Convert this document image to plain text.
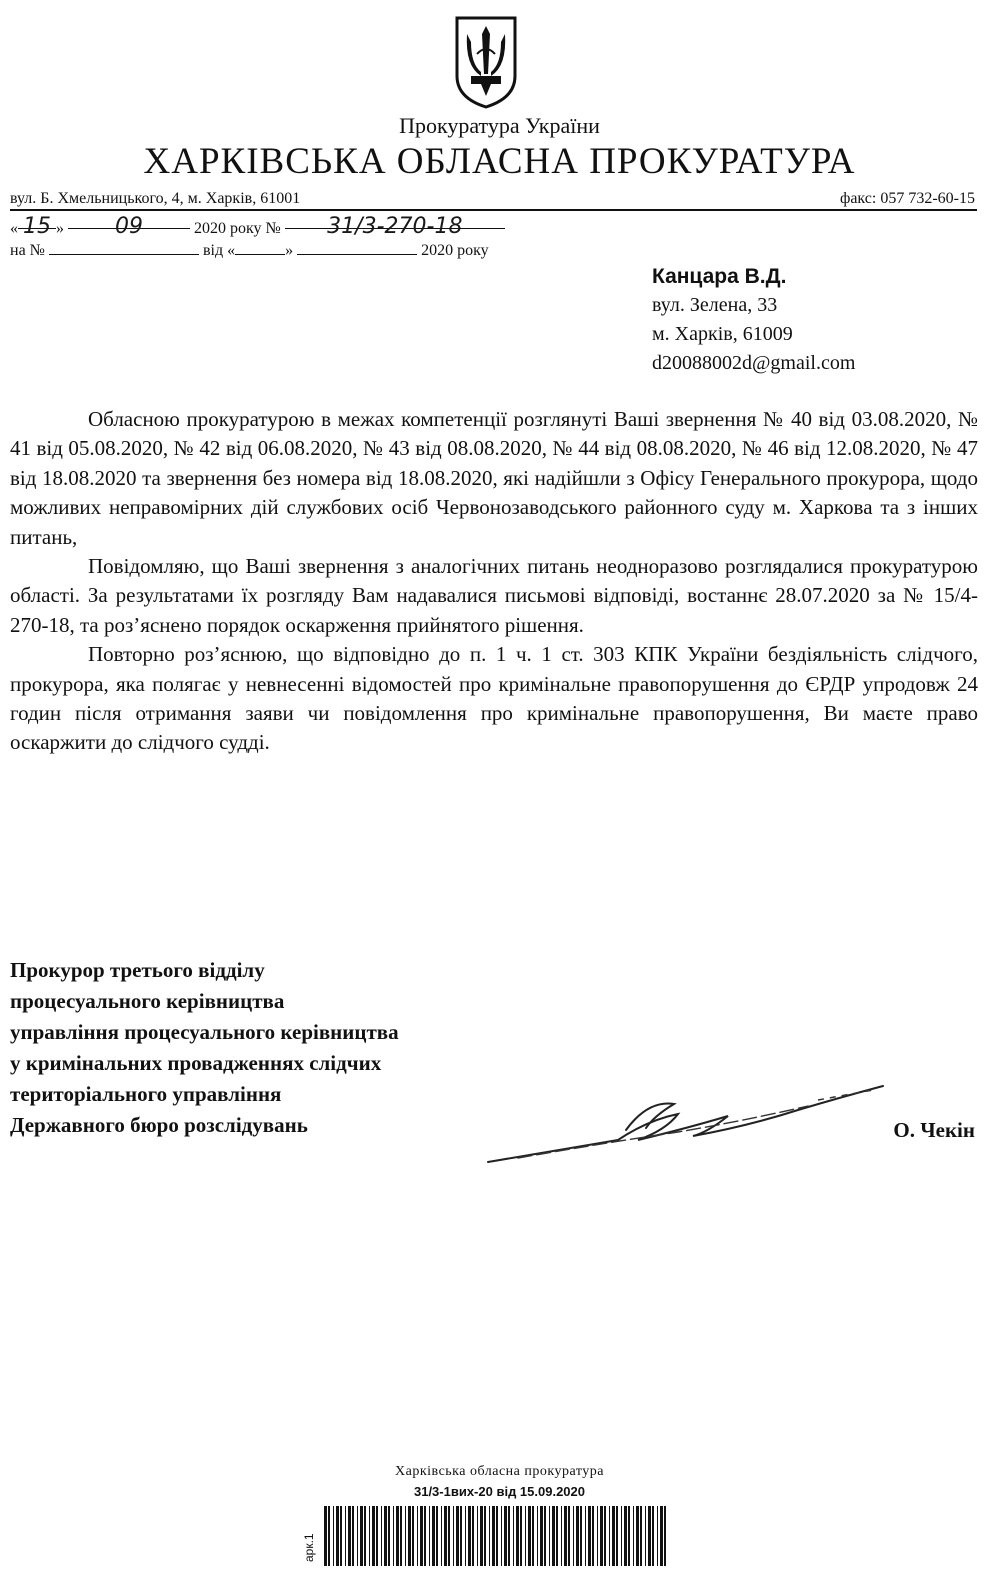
Прокуратура України
ХАРКІВСЬКА ОБЛАСНА ПРОКУРАТУРА
вул. Б. Хмельницького, 4, м. Харків, 61001	факс: 057 732-60-15
« 15 » 09	2020 року № 31/3-270-18
на №	від «	»	2020 року
Канцара В.Д.
вул. Зелена, 33
м. Харків, 61009
d20088002d@gmail.com

Обласною прокуратурою в межах компетенції розглянуті Ваші звернення № 40 від 03.08.2020, № 41 від 05.08.2020, № 42 від 06.08.2020, № 43 від 08.08.2020, № 44 від 08.08.2020, № 46 від 12.08.2020, № 47 від 18.08.2020 та звернення без номера від 18.08.2020, які надійшли з Офісу Генерального прокурора, щодо можливих неправомірних дій службових осіб Червонозаводського районного суду м. Харкова та з інших питань,

Повідомляю, що Ваші звернення з аналогічних питань неодноразово розглядалися прокуратурою області. За результатами їх розгляду Вам надавалися письмові відповіді, востаннє 28.07.2020 за № 15/4-270-18, та роз’яснено порядок оскарження прийнятого рішення.

Повторно роз’яснюю, що відповідно до п. 1 ч. 1 ст. 303 КПК України бездіяльність слідчого, прокурора, яка полягає у невнесенні відомостей про кримінальне правопорушення до ЄРДР упродовж 24 годин після отримання заяви чи повідомлення про кримінальне правопорушення, Ви маєте право оскаржити до слідчого судді.

Прокурор третього відділу
процесуального керівництва
управління процесуального керівництва
у кримінальних провадженнях слідчих
територіального управління
Державного бюро розслідувань	О. Чекін
Харківська обласна прокуратура
31/3-1вих-20 від 15.09.2020
арк.1
